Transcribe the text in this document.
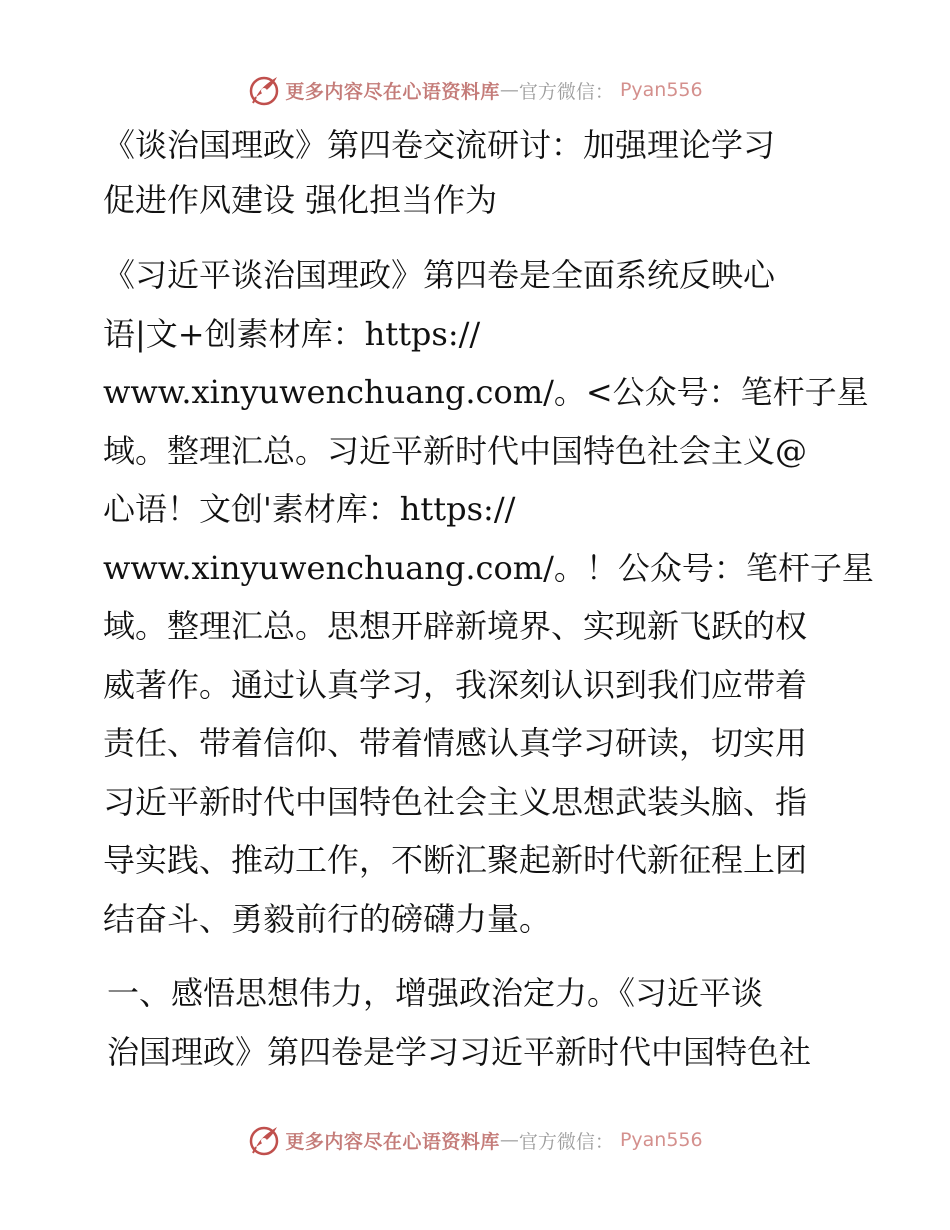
更多内容尽在心语资料库 — 官方微信： Pyan556
《谈治国理政》第四卷交流研讨：加强理论学习
促进作风建设 强化担当作为

《习近平谈治国理政》第四卷是全面系统反映心
语|文+创素材库：https://
www.xinyuwenchuang.com/。<公众号：笔杆子星
域。整理汇总。习近平新时代中国特色社会主义@
心语！文创'素材库：https://
www.xinyuwenchuang.com/。！公众号：笔杆子星
域。整理汇总。思想开辟新境界、实现新飞跃的权
威著作。通过认真学习，我深刻认识到我们应带着
责任、带着信仰、带着情感认真学习研读，切实用
习近平新时代中国特色社会主义思想武装头脑、指
导实践、推动工作，不断汇聚起新时代新征程上团
结奋斗、勇毅前行的磅礴力量。

一、感悟思想伟力，增强政治定力。《习近平谈
治国理政》第四卷是学习习近平新时代中国特色社

更多内容尽在心语资料库 — 官方微信： Pyan556
